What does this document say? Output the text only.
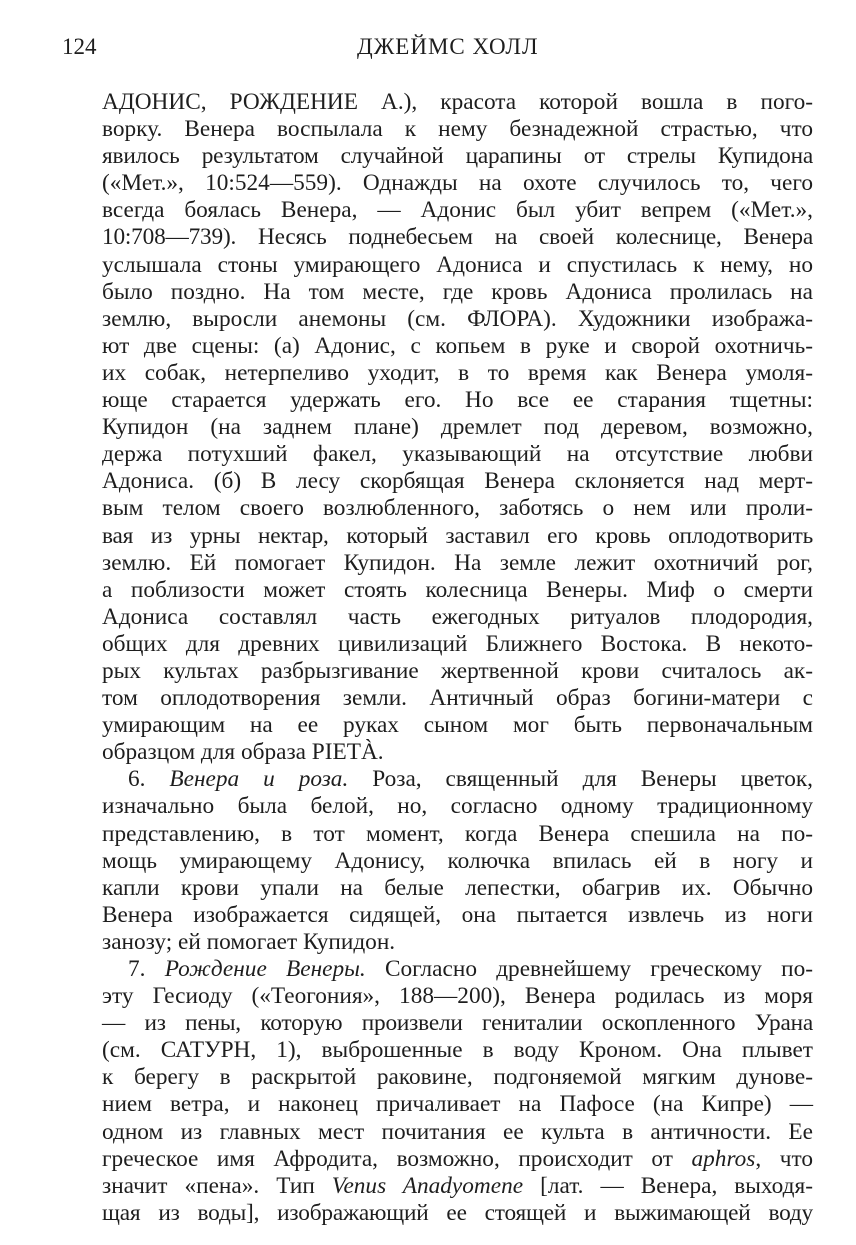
124	ДЖЕЙМС ХОЛЛ
АДОНИС, РОЖДЕНИЕ А.), красота которой вошла в пого-
ворку. Венера воспылала к нему безнадежной страстью, что
явилось результатом случайной царапины от стрелы Купидона
(«Мет.», 10:524—559). Однажды на охоте случилось то, чего
всегда боялась Венера, — Адонис был убит вепрем («Мет.»,
10:708—739). Несясь поднебесьем на своей колеснице, Венера
услышала стоны умирающего Адониса и спустилась к нему, но
было поздно. На том месте, где кровь Адониса пролилась на
землю, выросли анемоны (см. ФЛОРА). Художники изобража-
ют две сцены: (а) Адонис, с копьем в руке и сворой охотничь-
их собак, нетерпеливо уходит, в то время как Венера умоля-
юще старается удержать его. Но все ее старания тщетны:
Купидон (на заднем плане) дремлет под деревом, возможно,
держа потухший факел, указывающий на отсутствие любви
Адониса. (б) В лесу скорбящая Венера склоняется над мерт-
вым телом своего возлюбленного, заботясь о нем или проли-
вая из урны нектар, который заставил его кровь оплодотворить
землю. Ей помогает Купидон. На земле лежит охотничий рог,
а поблизости может стоять колесница Венеры. Миф о смерти
Адониса составлял часть ежегодных ритуалов плодородия,
общих для древних цивилизаций Ближнего Востока. В некото-
рых культах разбрызгивание жертвенной крови считалось ак-
том оплодотворения земли. Античный образ богини-матери с
умирающим на ее руках сыном мог быть первоначальным
образцом для образа PIETÀ.
6. Венера и роза. Роза, священный для Венеры цветок,
изначально была белой, но, согласно одному традиционному
представлению, в тот момент, когда Венера спешила на по-
мощь умирающему Адонису, колючка впилась ей в ногу и
капли крови упали на белые лепестки, обагрив их. Обычно
Венера изображается сидящей, она пытается извлечь из ноги
занозу; ей помогает Купидон.
7. Рождение Венеры. Согласно древнейшему греческому по-
эту Гесиоду («Теогония», 188—200), Венера родилась из моря
— из пены, которую произвели гениталии оскопленного Урана
(см. САТУРН, 1), выброшенные в воду Кроном. Она плывет
к берегу в раскрытой раковине, подгоняемой мягким дунове-
нием ветра, и наконец причаливает на Пафосе (на Кипре) —
одном из главных мест почитания ее культа в античности. Ее
греческое имя Афродита, возможно, происходит от aphros, что
значит «пена». Тип Venus Anadyomene [лат. — Венера, выходя-
щая из воды], изображающий ее стоящей и выжимающей воду
